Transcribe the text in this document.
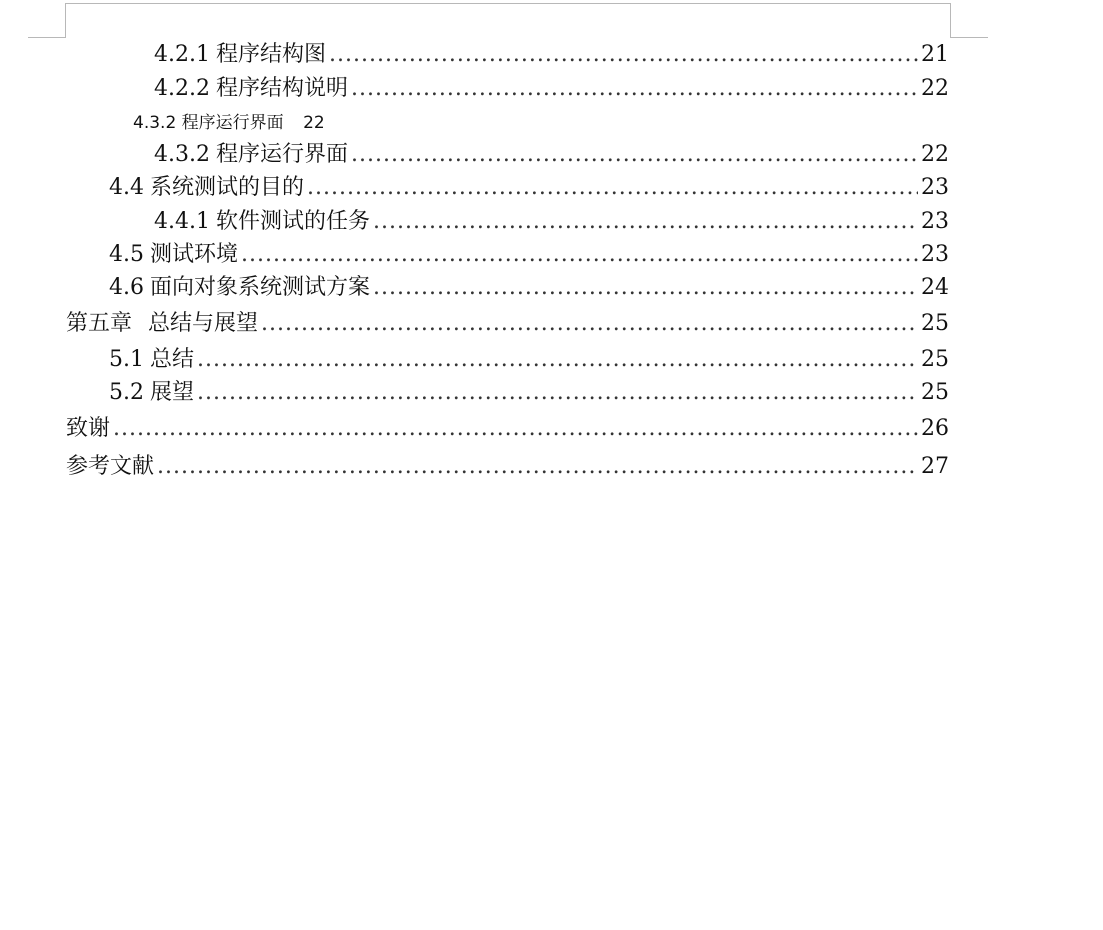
4.2.1 程序结构图 .....	21
4.2.2 程序结构说明 .....	22
4.3.2 程序运行界面 22
4.3.2 程序运行界面 .....	22
4.4 系统测试的目的 .....	23
4.4.1 软件测试的任务 .....	23
4.5 测试环境 .....	23
4.6 面向对象系统测试方案 .....	24
第五章 总结与展望 .....	25
5.1 总结 .....	25
5.2 展望 .....	25
致谢 .....	26
参考文献 .....	27
